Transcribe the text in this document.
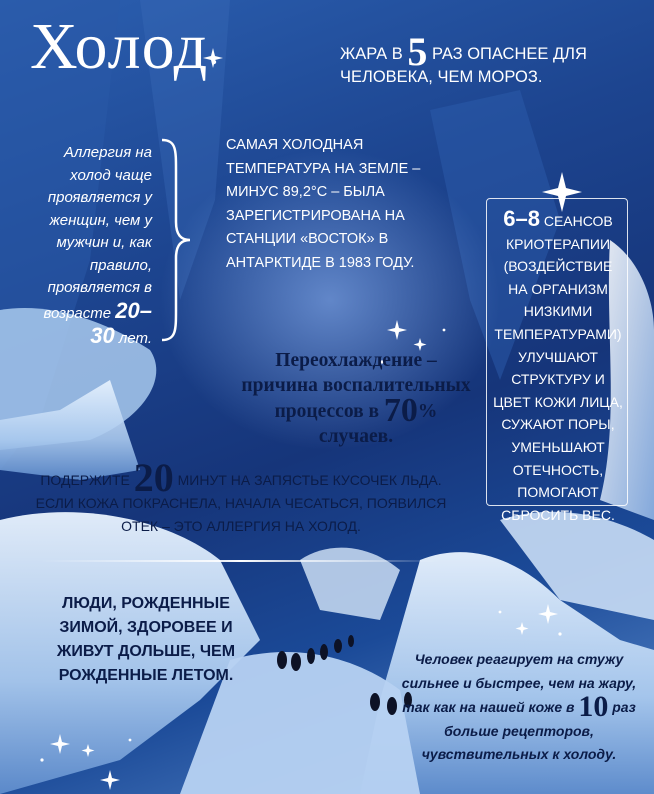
Холод	ЖАРА В 5 РАЗ ОПАСНЕЕ ДЛЯ ЧЕЛОВЕКА, ЧЕМ МОРОЗ.
Аллергия на холод чаще проявляется у женщин, чем у мужчин и, как правило, проявляется в возрасте 20–30 лет.
САМАЯ ХОЛОДНАЯ ТЕМПЕРАТУРА НА ЗЕМЛЕ – МИНУС 89,2°С – БЫЛА ЗАРЕГИСТРИРОВАНА НА СТАНЦИИ «ВОСТОК» В АНТАРКТИДЕ В 1983 ГОДУ.
6–8 СЕАНСОВ КРИОТЕРАПИИ (ВОЗДЕЙСТВИЕ НА ОРГАНИЗМ НИЗКИМИ ТЕМПЕРАТУРАМИ) УЛУЧШАЮТ СТРУКТУРУ И ЦВЕТ КОЖИ ЛИЦА, СУЖАЮТ ПОРЫ, УМЕНЬШАЮТ ОТЕЧНОСТЬ, ПОМОГАЮТ СБРОСИТЬ ВЕС.
Переохлаждение – причина воспалительных процессов в 70% случаев.
ПОДЕРЖИТЕ 20 МИНУТ НА ЗАПЯСТЬЕ КУСОЧЕК ЛЬДА. ЕСЛИ КОЖА ПОКРАСНЕЛА, НАЧАЛА ЧЕСАТЬСЯ, ПОЯВИЛСЯ ОТЕК – ЭТО АЛЛЕРГИЯ НА ХОЛОД.
ЛЮДИ, РОЖДЕННЫЕ ЗИМОЙ, ЗДОРОВЕЕ И ЖИВУТ ДОЛЬШЕ, ЧЕМ РОЖДЕННЫЕ ЛЕТОМ.
Человек реагирует на стужу сильнее и быстрее, чем на жару, так как на нашей коже в 10 раз больше рецепторов, чувствительных к холоду.
